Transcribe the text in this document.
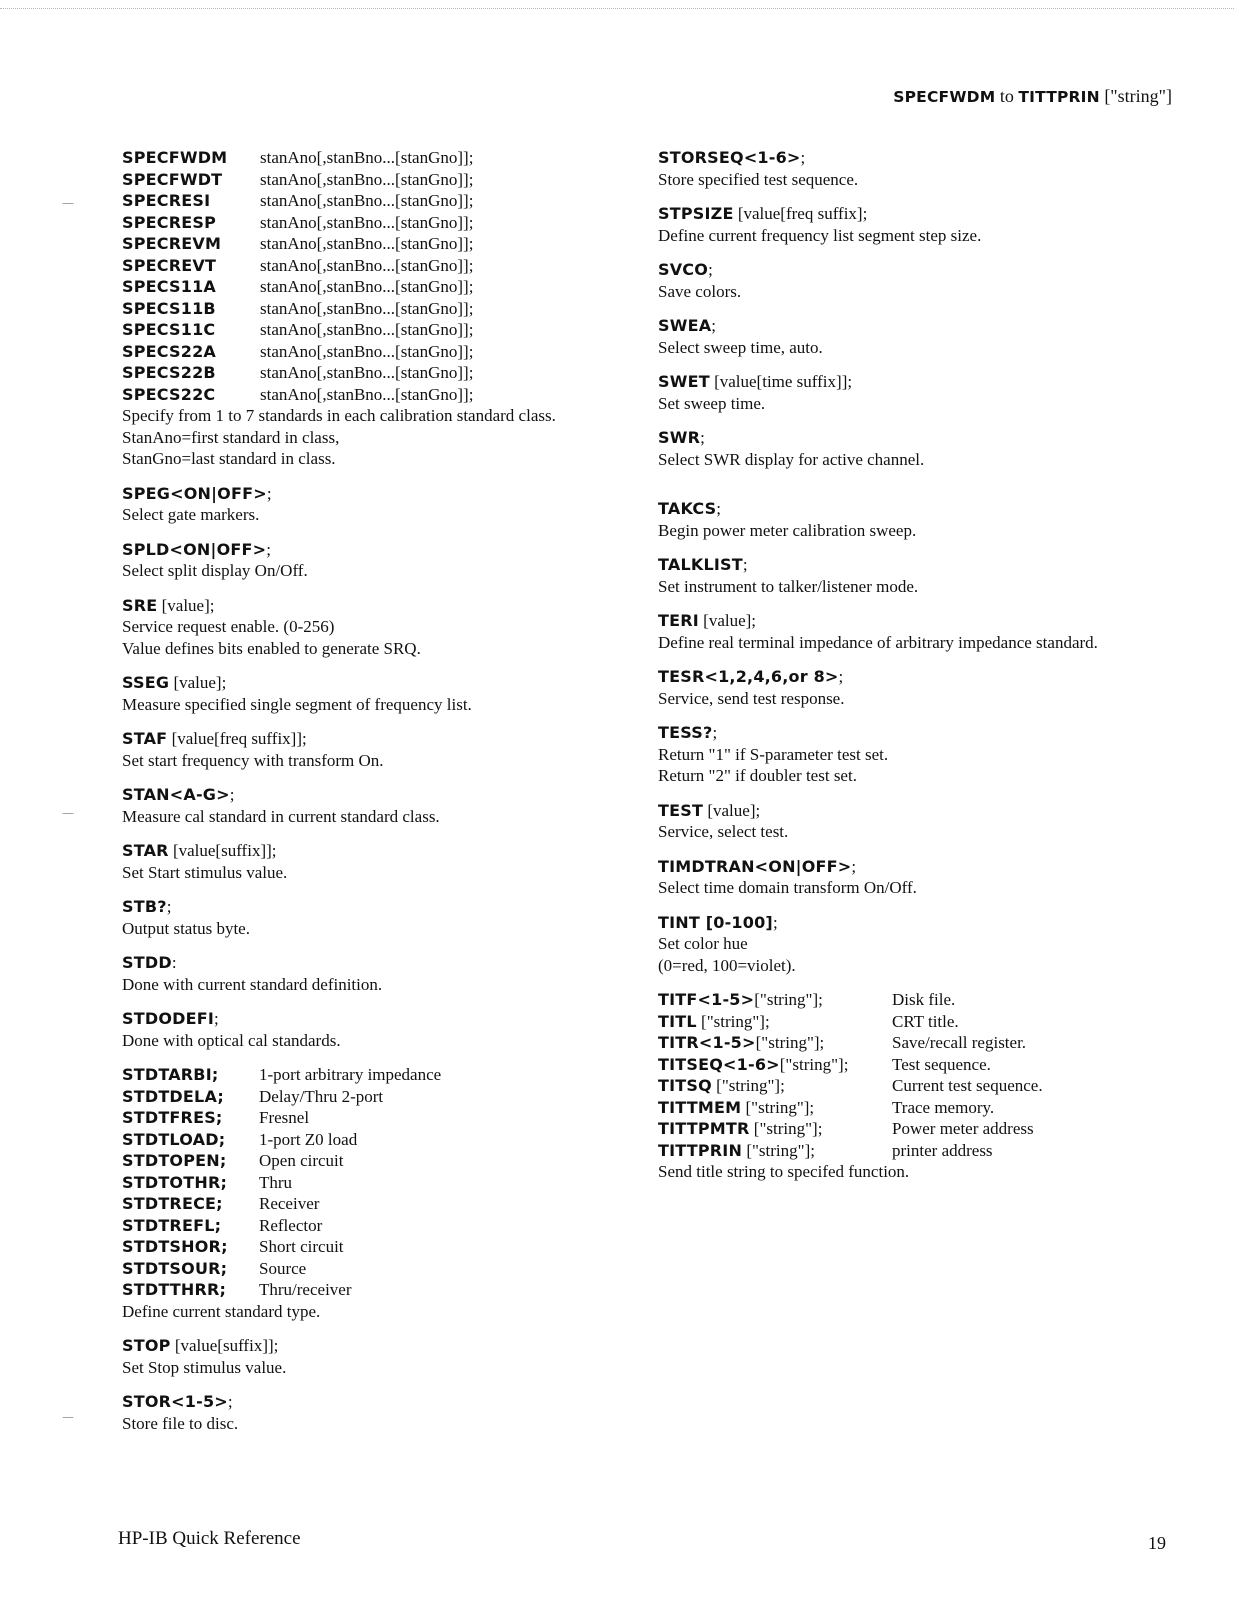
SPECFWDM to TITTPRIN ["string"]
SPECFWDM stanAno[,stanBno...[stanGno]];
SPECFWDT stanAno[,stanBno...[stanGno]];
SPECRESI	stanAno[,stanBno...[stanGno]];
SPECRESP	stanAno[,stanBno...[stanGno]];
SPECREVM stanAno[,stanBno...[stanGno]];
SPECREVT	stanAno[,stanBno...[stanGno]];
SPECS11A	stanAno[,stanBno...[stanGno]];
SPECS11B	stanAno[,stanBno...[stanGno]];
SPECS11C	stanAno[,stanBno...[stanGno]];
SPECS22A	stanAno[,stanBno...[stanGno]];
SPECS22B	stanAno[,stanBno...[stanGno]];
SPECS22C	stanAno[,stanBno...[stanGno]];
Specify from 1 to 7 standards in each calibration standard class.
StanAno=first standard in class,
StanGno=last standard in class.
SPEG<ON|OFF>;
Select gate markers.
SPLD<ON|OFF>;
Select split display On/Off.
SRE [value];
Service request enable. (0-256)
Value defines bits enabled to generate SRQ.
SSEG [value];
Measure specified single segment of frequency list.
STAF [value[freq suffix]];
Set start frequency with transform On.
STAN<A-G>;
Measure cal standard in current standard class.
STAR [value[suffix]];
Set Start stimulus value.
STB?;
Output status byte.
STDD:
Done with current standard definition.
STDODEFI;
Done with optical cal standards.
STDTARBI; 1-port arbitrary impedance
STDTDELA; Delay/Thru 2-port
STDTFRES; Fresnel
STDTLOAD; 1-port Z0 load
STDTOPEN; Open circuit
STDTOTHR; Thru
STDTRECE; Receiver
STDTREFL; Reflector
STDTSHOR; Short circuit
STDTSOUR; Source
STDTTHRR; Thru/receiver
Define current standard type.
STOP [value[suffix]];
Set Stop stimulus value.
STOR<1-5>;
Store file to disc.
STORSEQ<1-6>;
Store specified test sequence.
STPSIZE [value[freq suffix];
Define current frequency list segment step size.
SVCO;
Save colors.
SWEA;
Select sweep time, auto.
SWET [value[time suffix]];
Set sweep time.
SWR;
Select SWR display for active channel.
TAKCS;
Begin power meter calibration sweep.
TALKLIST;
Set instrument to talker/listener mode.
TERI [value];
Define real terminal impedance of arbitrary impedance standard.
TESR<1,2,4,6,or 8>;
Service, send test response.
TESS?;
Return "1" if S-parameter test set.
Return "2" if doubler test set.
TEST [value];
Service, select test.
TIMDTRAN<ON|OFF>;
Select time domain transform On/Off.
TINT [0-100];
Set color hue
(0=red, 100=violet).
TITF<1-5>["string"];	Disk file.
TITL ["string"];	CRT title.
TITR<1-5>["string"];	Save/recall register.
TITSEQ<1-6>["string"];	Test sequence.
TITSQ ["string"];	Current test sequence.
TITTMEM ["string"];	Trace memory.
TITTPMTR ["string"];	Power meter address
TITTPRIN ["string"];	printer address
Send title string to specifed function.
HP-IB Quick Reference	19
—
—
—
